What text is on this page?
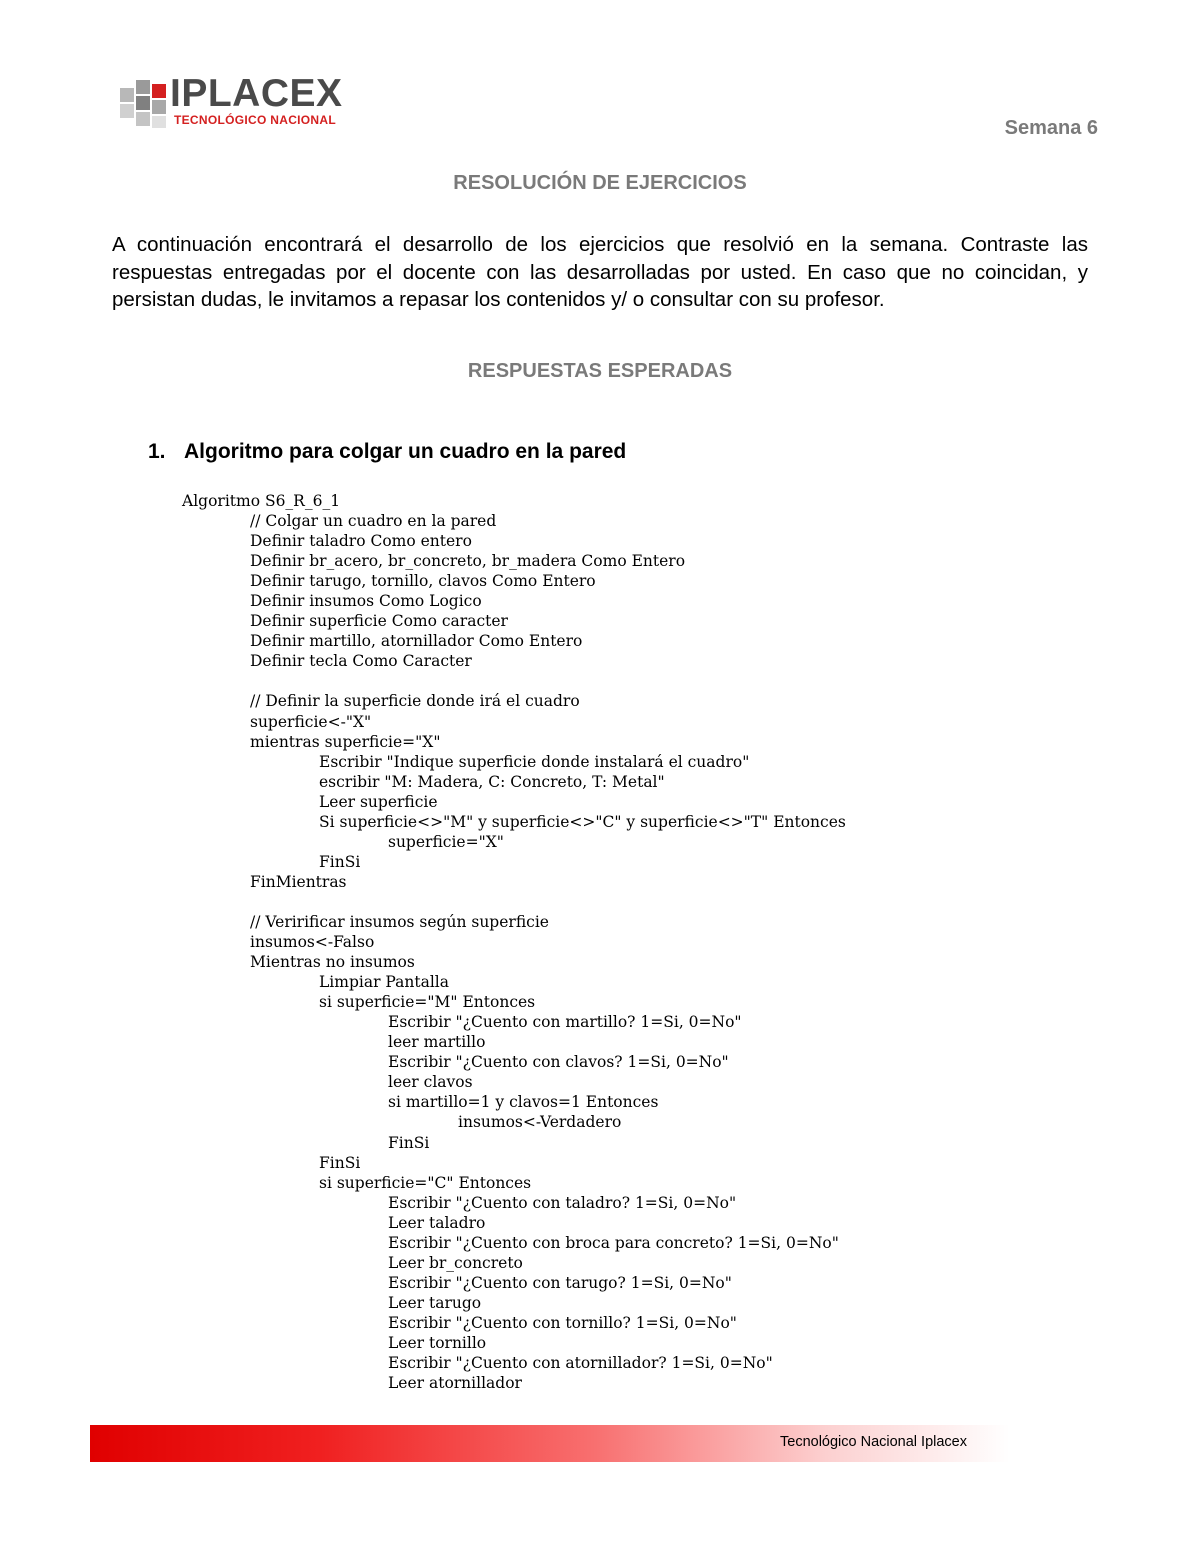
IPLACEX
TECNOLÓGICO NACIONAL	Semana 6
RESOLUCIÓN DE EJERCICIOS
A continuación encontrará el desarrollo de los ejercicios que resolvió en la semana. Contraste las respuestas entregadas por el docente con las desarrolladas por usted. En caso que no coincidan, y persistan dudas, le invitamos a repasar los contenidos y/ o consultar con su profesor.
RESPUESTAS ESPERADAS
1. Algoritmo para colgar un cuadro en la pared
Algoritmo S6_R_6_1
// Colgar un cuadro en la pared
Definir taladro Como entero
Definir br_acero, br_concreto, br_madera Como Entero
Definir tarugo, tornillo, clavos Como Entero
Definir insumos Como Logico
Definir superficie Como caracter
Definir martillo, atornillador Como Entero
Definir tecla Como Caracter
// Definir la superficie donde irá el cuadro
superficie<-"X"
mientras superficie="X"
Escribir "Indique superficie donde instalará el cuadro"
escribir "M: Madera, C: Concreto, T: Metal"
Leer superficie
Si superficie<>"M" y superficie<>"C" y superficie<>"T" Entonces
superficie="X"
FinSi
FinMientras
// Veririficar insumos según superficie
insumos<-Falso
Mientras no insumos
Limpiar Pantalla
si superficie="M" Entonces
Escribir "¿Cuento con martillo? 1=Si, 0=No"
leer martillo
Escribir "¿Cuento con clavos? 1=Si, 0=No"
leer clavos
si martillo=1 y clavos=1 Entonces
insumos<-Verdadero
FinSi
FinSi
si superficie="C" Entonces
Escribir "¿Cuento con taladro? 1=Si, 0=No"
Leer taladro
Escribir "¿Cuento con broca para concreto? 1=Si, 0=No"
Leer br_concreto
Escribir "¿Cuento con tarugo? 1=Si, 0=No"
Leer tarugo
Escribir "¿Cuento con tornillo? 1=Si, 0=No"
Leer tornillo
Escribir "¿Cuento con atornillador? 1=Si, 0=No"
Leer atornillador
Tecnológico Nacional Iplacex
